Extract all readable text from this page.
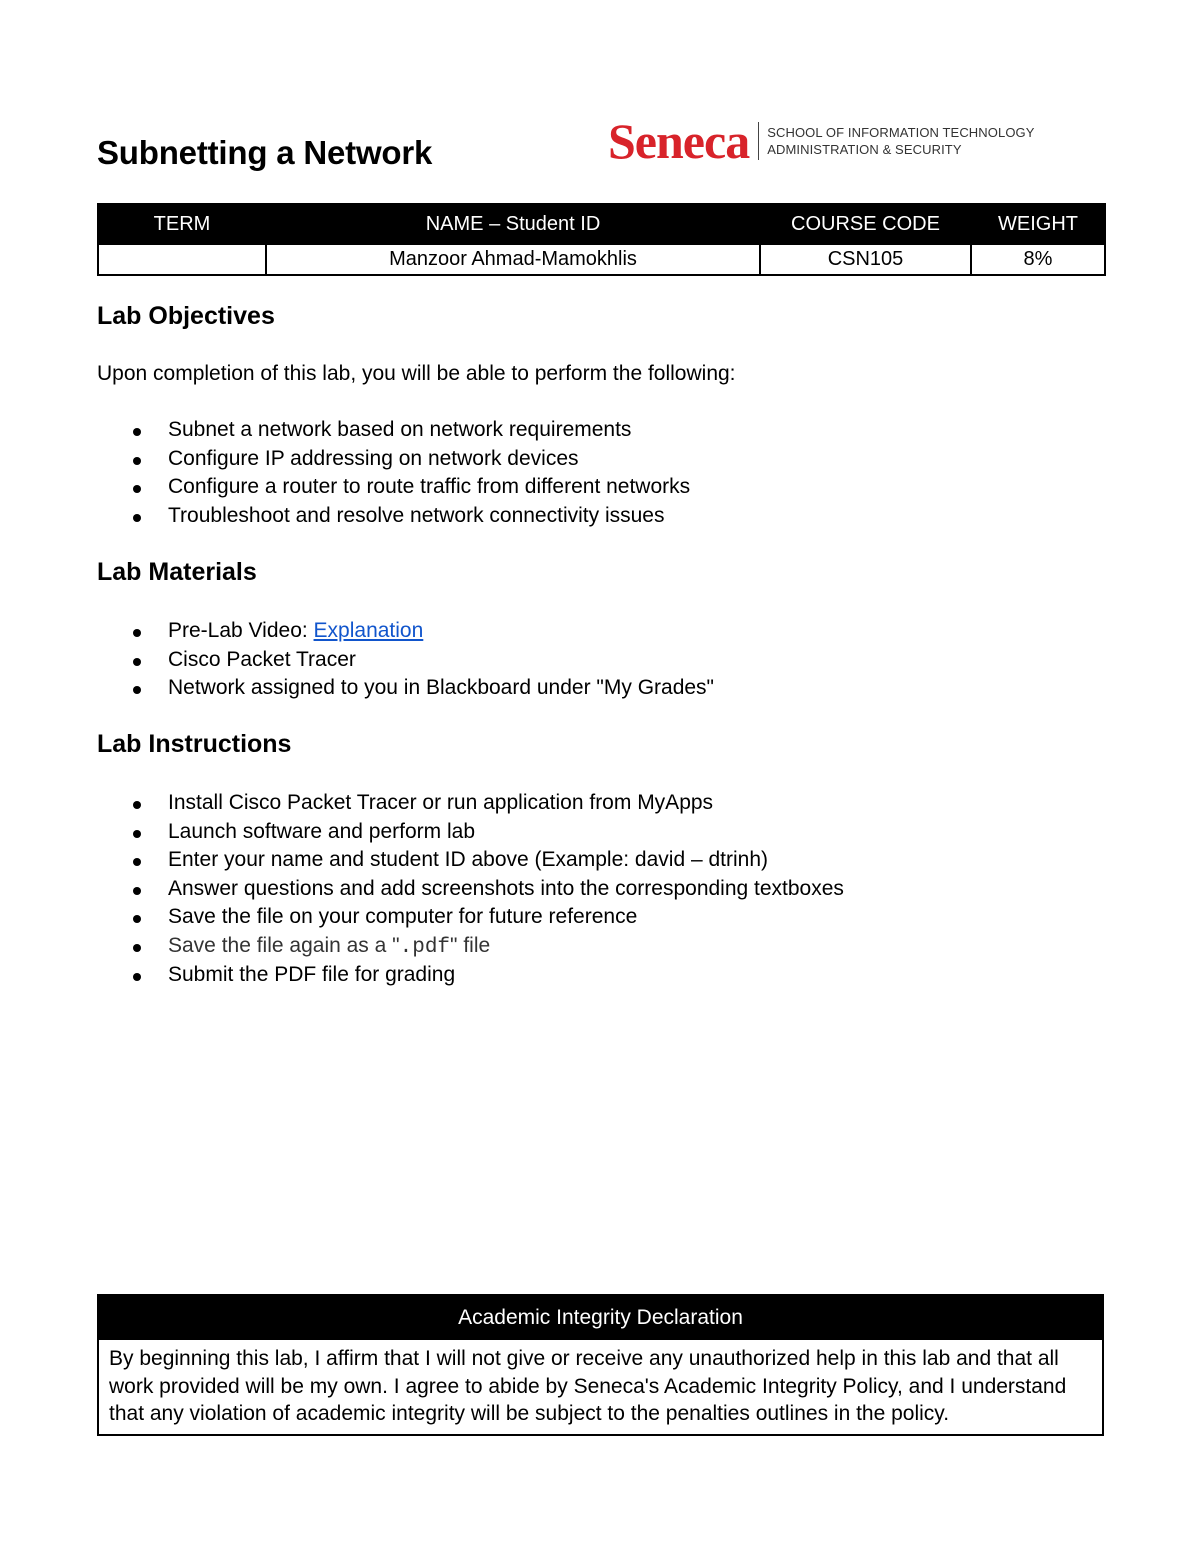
Subnetting a Network	Seneca SCHOOL OF INFORMATION TECHNOLOGY
ADMINISTRATION & SECURITY
TERM	NAME – Student ID	COURSE CODE	WEIGHT
	Manzoor Ahmad-Mamokhlis	CSN105	8%
Lab Objectives

Upon completion of this lab, you will be able to perform the following:

Subnet a network based on network requirements
Configure IP addressing on network devices
Configure a router to route traffic from different networks
Troubleshoot and resolve network connectivity issues
Lab Materials
Pre-Lab Video: Explanation
Cisco Packet Tracer
Network assigned to you in Blackboard under "My Grades"
Lab Instructions
Install Cisco Packet Tracer or run application from MyApps
Launch software and perform lab
Enter your name and student ID above (Example: david – dtrinh)
Answer questions and add screenshots into the corresponding textboxes
Save the file on your computer for future reference
Save the file again as a ".pdf" file
Submit the PDF file for grading
Academic Integrity Declaration
By beginning this lab, I affirm that I will not give or receive any unauthorized help in this lab and that all work provided will be my own. I agree to abide by Seneca's Academic Integrity Policy, and I understand that any violation of academic integrity will be subject to the penalties outlines in the policy.
